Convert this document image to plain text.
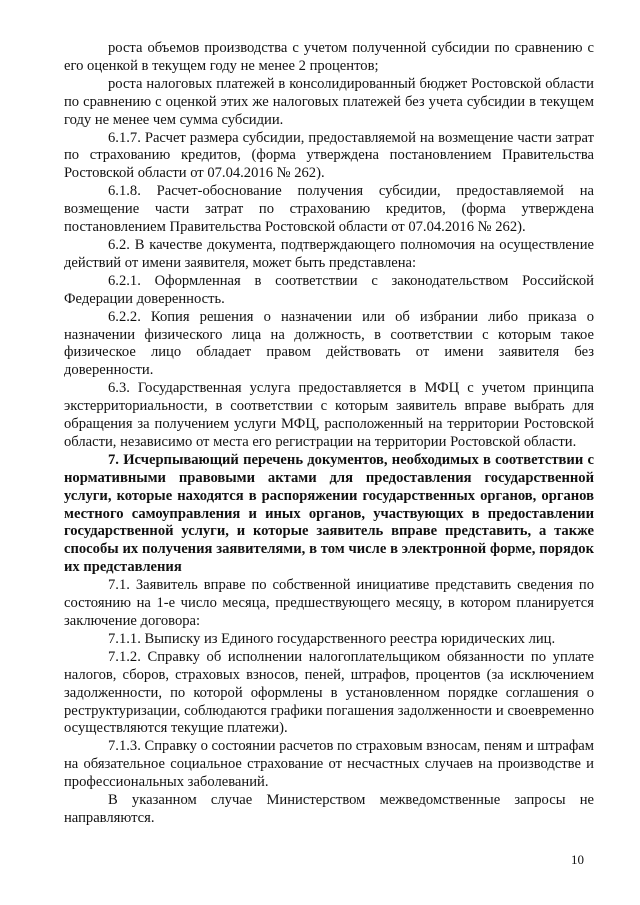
роста объемов производства с учетом полученной субсидии по сравнению с его оценкой в текущем году не менее 2 процентов;

роста налоговых платежей в консолидированный бюджет Ростовской области по сравнению с оценкой этих же налоговых платежей без учета субсидии в текущем году не менее чем сумма субсидии.

6.1.7. Расчет размера субсидии, предоставляемой на возмещение части затрат по страхованию кредитов, (форма утверждена постановлением Правительства Ростовской области от 07.04.2016 № 262).

6.1.8. Расчет-обоснование получения субсидии, предоставляемой на возмещение части затрат по страхованию кредитов, (форма утверждена постановлением Правительства Ростовской области от 07.04.2016 № 262).

6.2. В качестве документа, подтверждающего полномочия на осуществление действий от имени заявителя, может быть представлена:

6.2.1. Оформленная в соответствии с законодательством Российской Федерации доверенность.

6.2.2. Копия решения о назначении или об избрании либо приказа о назначении физического лица на должность, в соответствии с которым такое физическое лицо обладает правом действовать от имени заявителя без доверенности.

6.3. Государственная услуга предоставляется в МФЦ с учетом принципа экстерриториальности, в соответствии с которым заявитель вправе выбрать для обращения за получением услуги МФЦ, расположенный на территории Ростовской области, независимо от места его регистрации на территории Ростовской области.

7. Исчерпывающий перечень документов, необходимых в соответствии с нормативными правовыми актами для предоставления государственной услуги, которые находятся в распоряжении государственных органов, органов местного самоуправления и иных органов, участвующих в предоставлении государственной услуги, и которые заявитель вправе представить, а также способы их получения заявителями, в том числе в электронной форме, порядок их представления

7.1. Заявитель вправе по собственной инициативе представить сведения по состоянию на 1-е число месяца, предшествующего месяцу, в котором планируется заключение договора:

7.1.1. Выписку из Единого государственного реестра юридических лиц.

7.1.2. Справку об исполнении налогоплательщиком обязанности по уплате налогов, сборов, страховых взносов, пеней, штрафов, процентов (за исключением задолженности, по которой оформлены в установленном порядке соглашения о реструктуризации, соблюдаются графики погашения задолженности и своевременно осуществляются текущие платежи).

7.1.3. Справку о состоянии расчетов по страховым взносам, пеням и штрафам на обязательное социальное страхование от несчастных случаев на производстве и профессиональных заболеваний.

В указанном случае Министерством межведомственные запросы не направляются.

10
